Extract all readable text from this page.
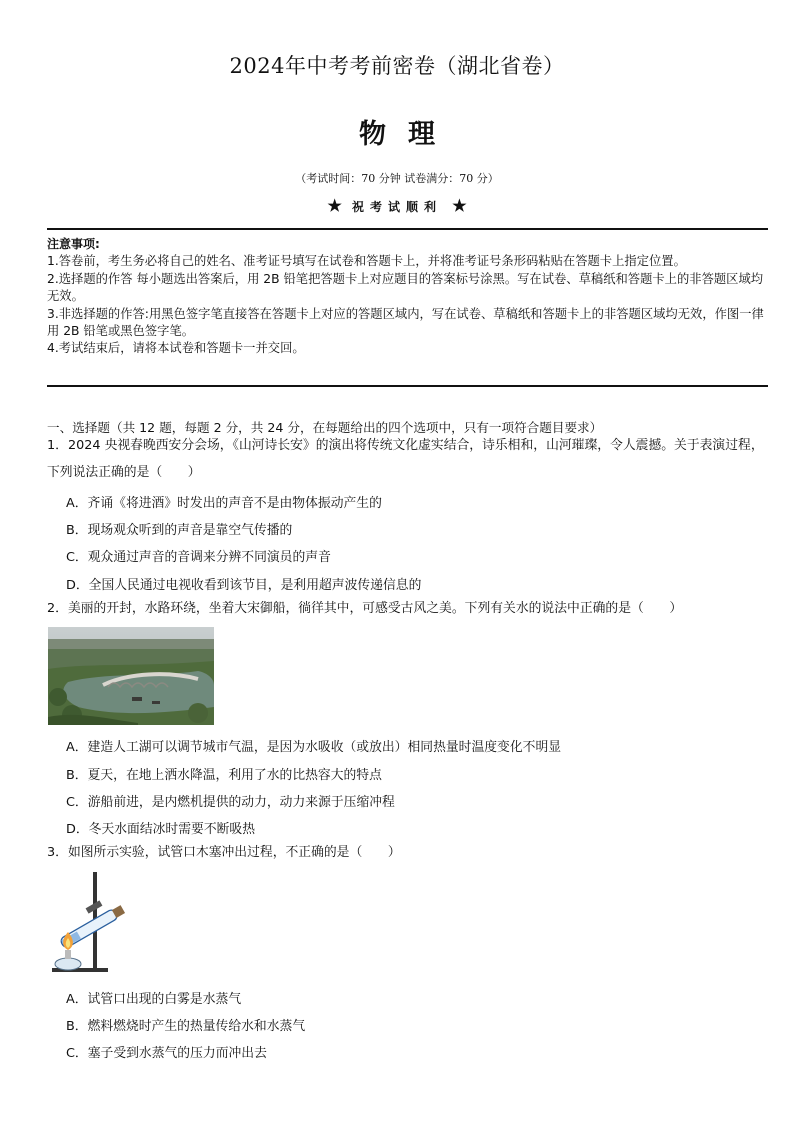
2024年中考考前密卷（湖北省卷）
物理
（考试时间：70 分钟 试卷满分：70 分）
★ 祝考试顺利 ★

注意事项:

1.答卷前，考生务必将自己的姓名、准考证号填写在试卷和答题卡上，并将准考证号条形码粘贴在答题卡上指定位置。

2.选择题的作答 每小题选出答案后，用 2B 铅笔把答题卡上对应题目的答案标号涂黑。写在试卷、草稿纸和答题卡上的非答题区域均无效。

3.非选择题的作答:用黑色签字笔直接答在答题卡上对应的答题区域内，写在试卷、草稿纸和答题卡上的非答题区域均无效，作图一律用 2B 铅笔或黑色签字笔。

4.考试结束后，请将本试卷和答题卡一并交回。

一、选择题（共 12 题，每题 2 分，共 24 分，在每题给出的四个选项中，只有一项符合题目要求）
1．2024 央视春晚西安分会场，《山河诗长安》的演出将传统文化虚实结合，诗乐相和，山河璀璨，令人震撼。关于表演过程，下列说法正确的是（　　）
A．齐诵《将进酒》时发出的声音不是由物体振动产生的
B．现场观众听到的声音是靠空气传播的
C．观众通过声音的音调来分辨不同演员的声音
D．全国人民通过电视收看到该节目，是利用超声波传递信息的
2．美丽的开封，水路环绕，坐着大宋御船，徜徉其中，可感受古风之美。下列有关水的说法中正确的是（　　）
A．建造人工湖可以调节城市气温，是因为水吸收（或放出）相同热量时温度变化不明显
B．夏天，在地上洒水降温，利用了水的比热容大的特点
C．游船前进，是内燃机提供的动力，动力来源于压缩冲程
D．冬天水面结冰时需要不断吸热
3．如图所示实验，试管口木塞冲出过程，不正确的是（　　）
A．试管口出现的白雾是水蒸气
B．燃料燃烧时产生的热量传给水和水蒸气
C．塞子受到水蒸气的压力而冲出去
